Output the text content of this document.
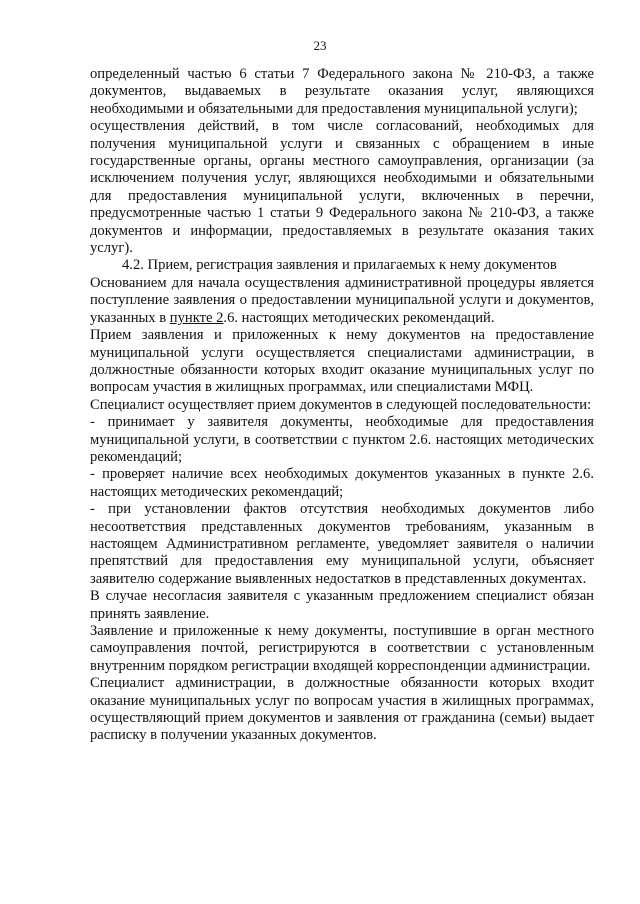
23

определенный частью 6 статьи 7 Федерального закона № 210-ФЗ, а также документов, выдаваемых в результате оказания услуг, являющихся необходимыми и обязательными для предоставления муниципальной услуги);

осуществления действий, в том числе согласований, необходимых для получения муниципальной услуги и связанных с обращением в иные государственные органы, органы местного самоуправления, организации (за исключением получения услуг, являющихся необходимыми и обязательными для предоставления муниципальной услуги, включенных в перечни, предусмотренные частью 1 статьи 9 Федерального закона № 210-ФЗ, а также документов и информации, предоставляемых в результате оказания таких услуг).

4.2. Прием, регистрация заявления и прилагаемых к нему документов

Основанием для начала осуществления административной процедуры является поступление заявления о предоставлении муниципальной услуги и документов, указанных в пункте 2.6. настоящих методических рекомендаций.

Прием заявления и приложенных к нему документов на предоставление муниципальной услуги осуществляется специалистами администрации, в должностные обязанности которых входит оказание муниципальных услуг по вопросам участия в жилищных программах, или специалистами МФЦ.

Специалист осуществляет прием документов в следующей последовательности:

- принимает у заявителя документы, необходимые для предоставления муниципальной услуги, в соответствии с пунктом 2.6. настоящих методических рекомендаций;

- проверяет наличие всех необходимых документов указанных в пункте 2.6. настоящих методических рекомендаций;

- при установлении фактов отсутствия необходимых документов либо несоответствия представленных документов требованиям, указанным в настоящем Административном регламенте, уведомляет заявителя о наличии препятствий для предоставления ему муниципальной услуги, объясняет заявителю содержание выявленных недостатков в представленных документах.

В случае несогласия заявителя с указанным предложением специалист обязан принять заявление.

Заявление и приложенные к нему документы, поступившие в орган местного самоуправления почтой, регистрируются в соответствии с установленным внутренним порядком регистрации входящей корреспонденции администрации.

Специалист администрации, в должностные обязанности которых входит оказание муниципальных услуг по вопросам участия в жилищных программах, осуществляющий прием документов и заявления от гражданина (семьи) выдает расписку в получении указанных документов.
